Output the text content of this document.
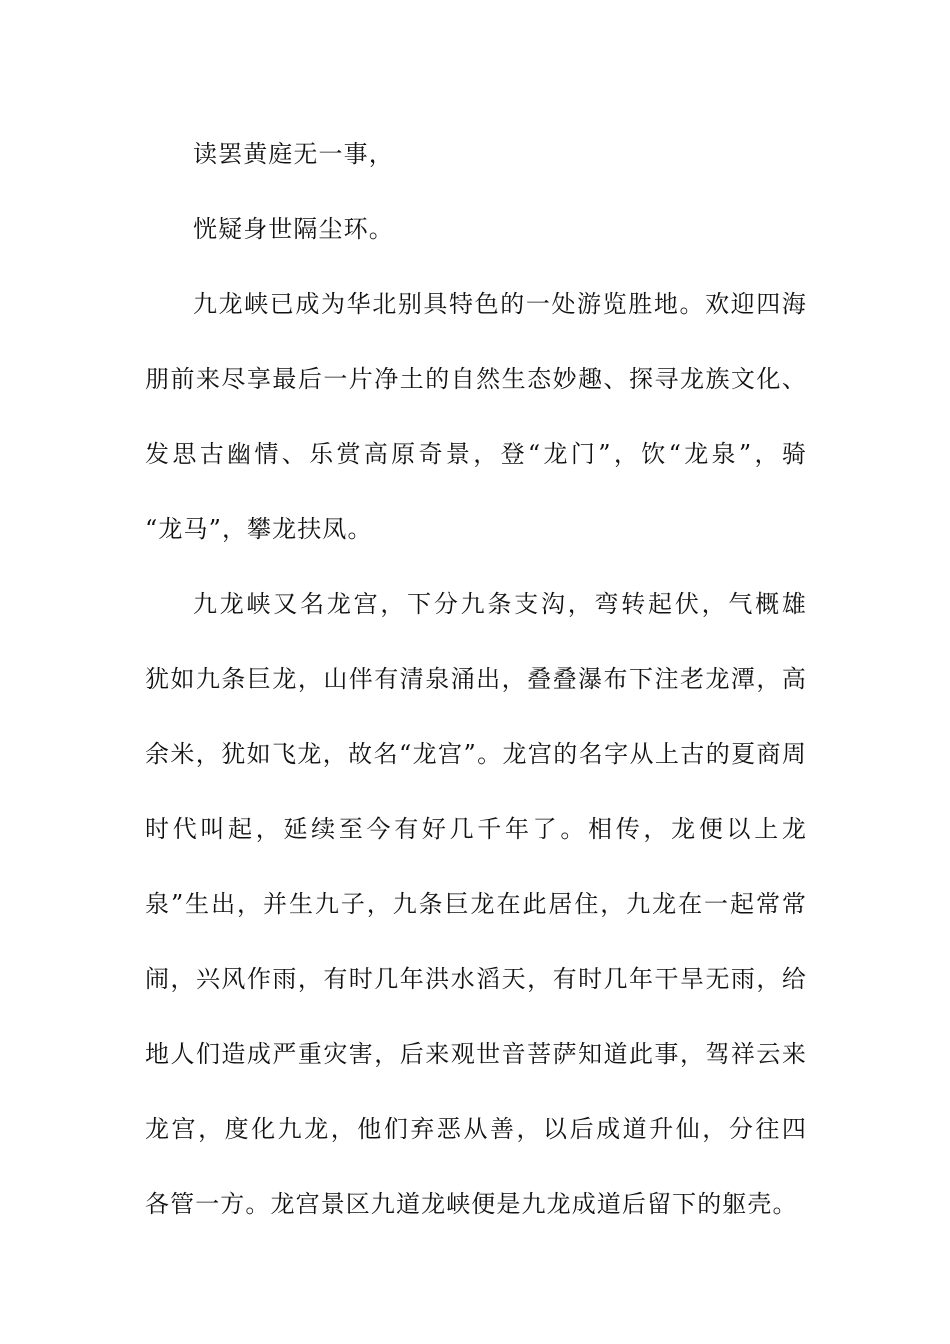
读罢黄庭无一事，
恍疑身世隔尘环。
九龙峡已成为华北别具特色的一处游览胜地。欢迎四海
朋前来尽享最后一片净土的自然生态妙趣、探寻龙族文化、
发思古幽情、乐赏高原奇景，登“龙门”，饮“龙泉”，骑
“龙马”，攀龙扶凤。
九龙峡又名龙宫，下分九条支沟，弯转起伏，气概雄
犹如九条巨龙，山伴有清泉涌出，叠叠瀑布下注老龙潭，高
余米，犹如飞龙，故名“龙宫”。龙宫的名字从上古的夏商周
时代叫起，延续至今有好几千年了。相传，龙便以上龙
泉”生出，并生九子，九条巨龙在此居住，九龙在一起常常
闹，兴风作雨，有时几年洪水滔天，有时几年干旱无雨，给
地人们造成严重灾害，后来观世音菩萨知道此事，驾祥云来
龙宫，度化九龙，他们弃恶从善，以后成道升仙，分往四
各管一方。龙宫景区九道龙峡便是九龙成道后留下的躯壳。
